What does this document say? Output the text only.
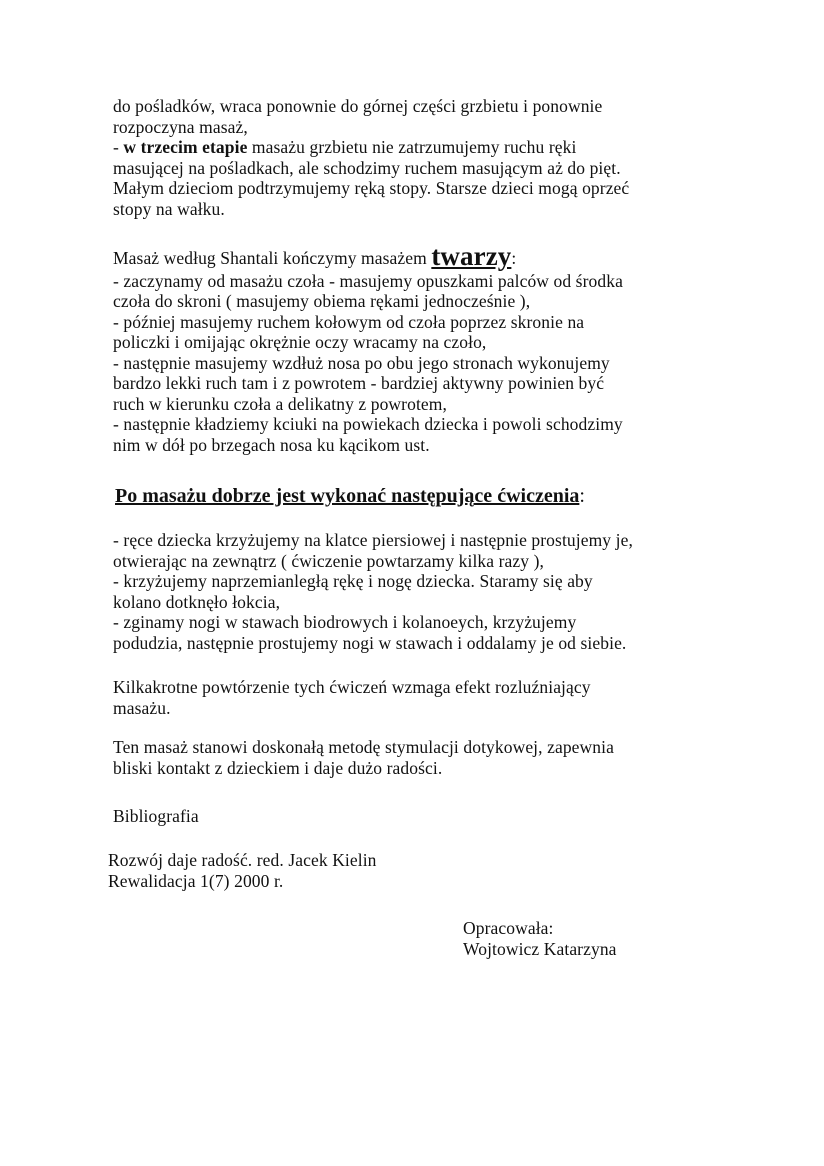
do pośladków, wraca ponownie do górnej części grzbietu i ponownie
rozpoczyna masaż,
- w trzecim etapie masażu grzbietu nie zatrzumujemy ruchu ręki
masującej na pośladkach, ale schodzimy ruchem masującym aż do pięt.
Małym dzieciom podtrzymujemy ręką stopy. Starsze dzieci mogą oprzeć
stopy na wałku.
Masaż według Shantali kończymy masażem twarzy:
- zaczynamy od masażu czoła - masujemy opuszkami palców od środka
czoła do skroni ( masujemy obiema rękami jednocześnie ),
- później masujemy ruchem kołowym od czoła poprzez skronie na
policzki i omijając okrężnie oczy wracamy na czoło,
- następnie masujemy wzdłuż nosa po obu jego stronach wykonujemy
bardzo lekki ruch tam i z powrotem - bardziej aktywny powinien być
ruch w kierunku czoła a delikatny z powrotem,
- następnie kładziemy kciuki na powiekach dziecka i powoli schodzimy
nim w dół po brzegach nosa ku kącikom ust.
Po masażu dobrze jest wykonać następujące ćwiczenia:
- ręce dziecka krzyżujemy na klatce piersiowej i następnie prostujemy je,
otwierając na zewnątrz ( ćwiczenie powtarzamy kilka razy ),
- krzyżujemy naprzemianległą rękę i nogę dziecka. Staramy się aby
kolano dotknęło łokcia,
- zginamy nogi w stawach biodrowych i kolanoeych, krzyżujemy
podudzia, następnie prostujemy nogi w stawach i oddalamy je od siebie.
Kilkakrotne powtórzenie tych ćwiczeń wzmaga efekt rozluźniający
masażu.
Ten masaż stanowi doskonałą metodę stymulacji dotykowej, zapewnia
bliski kontakt z dzieckiem i daje dużo radości.
Bibliografia
Rozwój daje radość. red. Jacek Kielin
Rewalidacja 1(7) 2000 r.
Opracowała:
Wojtowicz Katarzyna
